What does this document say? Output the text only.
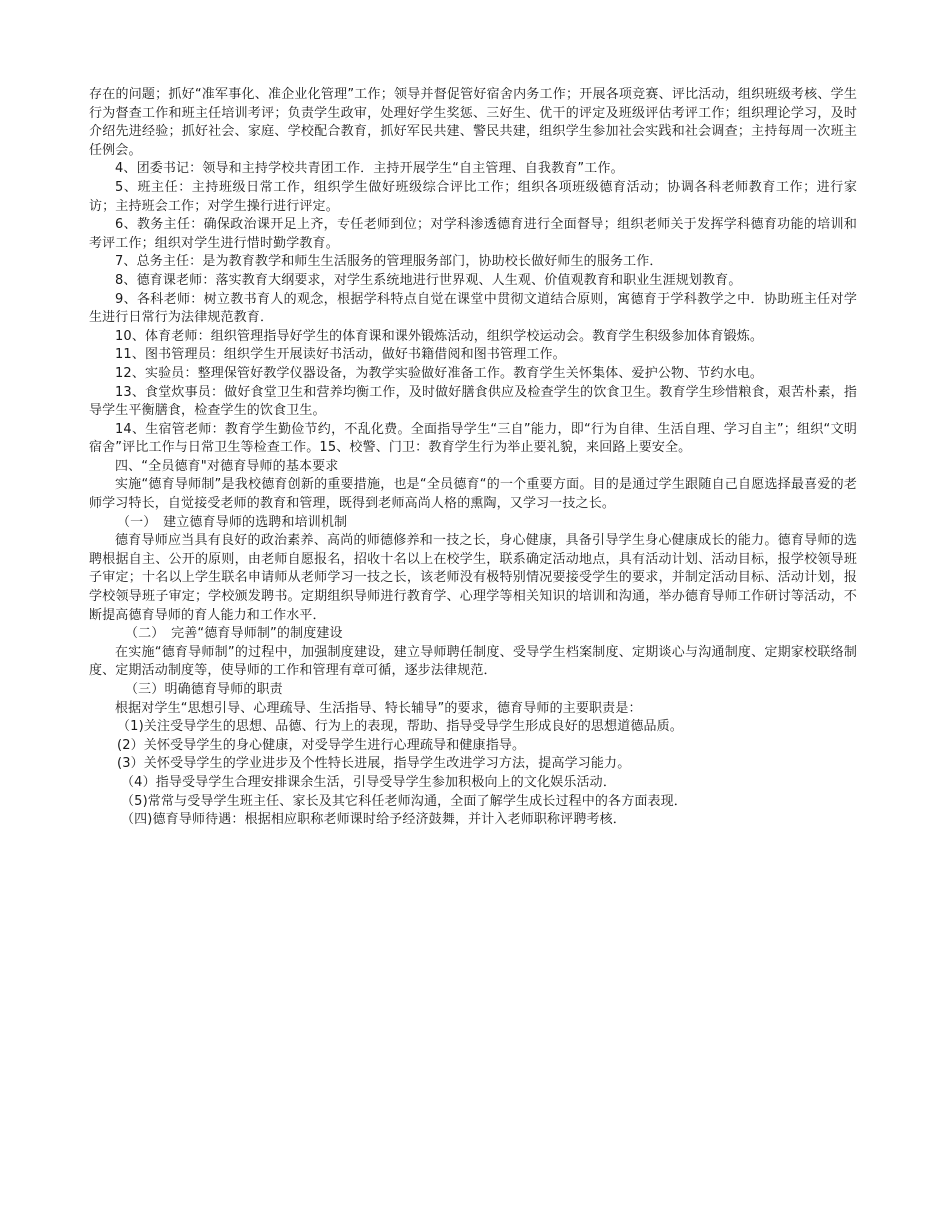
存在的问题；抓好“准军事化、准企业化管理”工作；领导并督促管好宿舍内务工作；开展各项竞赛、评比活动，组织班级考核、学生行为督查工作和班主任培训考评；负责学生政审，处理好学生奖惩、三好生、优干的评定及班级评估考评工作；组织理论学习，及时介绍先进经验；抓好社会、家庭、学校配合教育，抓好军民共建、警民共建，组织学生参加社会实践和社会调查；主持每周一次班主任例会。

4、团委书记：领导和主持学校共青团工作．主持开展学生“自主管理、自我教育”工作。

5、班主任：主持班级日常工作，组织学生做好班级综合评比工作；组织各项班级德育活动；协调各科老师教育工作；进行家访；主持班会工作；对学生操行进行评定。

6、教务主任：确保政治课开足上齐，专任老师到位；对学科渗透德育进行全面督导；组织老师关于发挥学科德育功能的培训和考评工作；组织对学生进行惜时勤学教育。

7、总务主任：是为教育教学和师生生活服务的管理服务部门，协助校长做好师生的服务工作．

8、德育课老师：落实教育大纲要求，对学生系统地进行世界观、人生观、价值观教育和职业生涯规划教育。

9、各科老师：树立教书育人的观念，根据学科特点自觉在课堂中贯彻文道结合原则，寓德育于学科教学之中．协助班主任对学生进行日常行为法律规范教育．

10、体育老师：组织管理指导好学生的体育课和课外锻炼活动，组织学校运动会。教育学生积级参加体育锻炼。

11、图书管理员：组织学生开展读好书活动，做好书籍借阅和图书管理工作。

12、实验员：整理保管好教学仪器设备，为教学实验做好准备工作。教育学生关怀集体、爱护公物、节约水电。

13、食堂炊事员：做好食堂卫生和营养均衡工作，及时做好膳食供应及检查学生的饮食卫生。教育学生珍惜粮食，艰苦朴素，指导学生平衡膳食，检查学生的饮食卫生。

14、生宿管老师：教育学生勤俭节约，不乱化费。全面指导学生“三自”能力，即“行为自律、生活自理、学习自主”；组织“文明宿舍”评比工作与日常卫生等检查工作。15、校警、门卫：教育学生行为举止要礼貌，来回路上要安全。

四、“全员德育"对德育导师的基本要求

实施“德育导师制”是我校德育创新的重要措施，也是“全员德育“的一个重要方面。目的是通过学生跟随自己自愿选择最喜爱的老师学习特长，自觉接受老师的教育和管理，既得到老师高尚人格的熏陶，又学习一技之长。

（一）　建立德育导师的选聘和培训机制

德育导师应当具有良好的政治素养、高尚的师德修养和一技之长，身心健康，具备引导学生身心健康成长的能力。德育导师的选聘根据自主、公开的原则，由老师自愿报名，招收十名以上在校学生，联系确定活动地点，具有活动计划、活动目标，报学校领导班子审定；十名以上学生联名申请师从老师学习一技之长，该老师没有极特别情况要接受学生的要求，并制定活动目标、活动计划，报学校领导班子审定；学校颁发聘书。定期组织导师进行教育学、心理学等相关知识的培训和沟通，举办德育导师工作研讨等活动，不断提高德育导师的育人能力和工作水平．

（二）　完善“德育导师制”的制度建设

在实施“德育导师制”的过程中，加强制度建设，建立导师聘任制度、受导学生档案制度、定期谈心与沟通制度、定期家校联络制度、定期活动制度等，使导师的工作和管理有章可循，逐步法律规范．

（三）明确德育导师的职责

根据对学生“思想引导、心理疏导、生活指导、特长辅导”的要求，德育导师的主要职责是：

（1)关注受导学生的思想、品德、行为上的表现，帮助、指导受导学生形成良好的思想道德品质。

(2）关怀受导学生的身心健康，对受导学生进行心理疏导和健康指导。

(3）关怀受导学生的学业进步及个性特长进展，指导学生改进学习方法，提高学习能力。

（4）指导受导学生合理安排课余生活，引导受导学生参加积极向上的文化娱乐活动．

（5)常常与受导学生班主任、家长及其它科任老师沟通，全面了解学生成长过程中的各方面表现．

（四)德育导师待遇：根据相应职称老师课时给予经济鼓舞，并计入老师职称评聘考核．
